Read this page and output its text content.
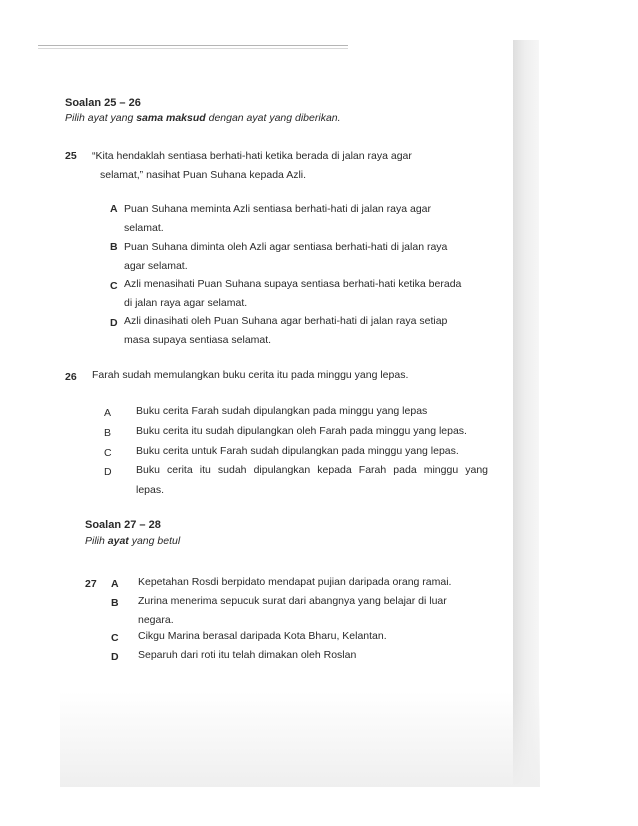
Soalan 25 – 26
Pilih ayat yang sama maksud dengan ayat yang diberikan.
25 “Kita hendaklah sentiasa berhati-hati ketika berada di jalan raya agar
selamat,” nasihat Puan Suhana kepada Azli.
A Puan Suhana meminta Azli sentiasa berhati-hati di jalan raya agar
selamat.
B Puan Suhana diminta oleh Azli agar sentiasa berhati-hati di jalan raya
agar selamat.
C Azli menasihati Puan Suhana supaya sentiasa berhati-hati ketika berada
di jalan raya agar selamat.
D Azli dinasihati oleh Puan Suhana agar berhati-hati di jalan raya setiap
masa supaya sentiasa selamat.
26 Farah sudah memulangkan buku cerita itu pada minggu yang lepas.
A Buku cerita Farah sudah dipulangkan pada minggu yang lepas
B Buku cerita itu sudah dipulangkan oleh Farah pada minggu yang lepas.
C Buku cerita untuk Farah sudah dipulangkan pada minggu yang lepas.
D Buku cerita itu sudah dipulangkan kepada Farah pada minggu yang
lepas.
Soalan 27 – 28
Pilih ayat yang betul
27 A Kepetahan Rosdi berpidato mendapat pujian daripada orang ramai.
B Zurina menerima sepucuk surat dari abangnya yang belajar di luar
negara.
C Cikgu Marina berasal daripada Kota Bharu, Kelantan.
D Separuh dari roti itu telah dimakan oleh Roslan
